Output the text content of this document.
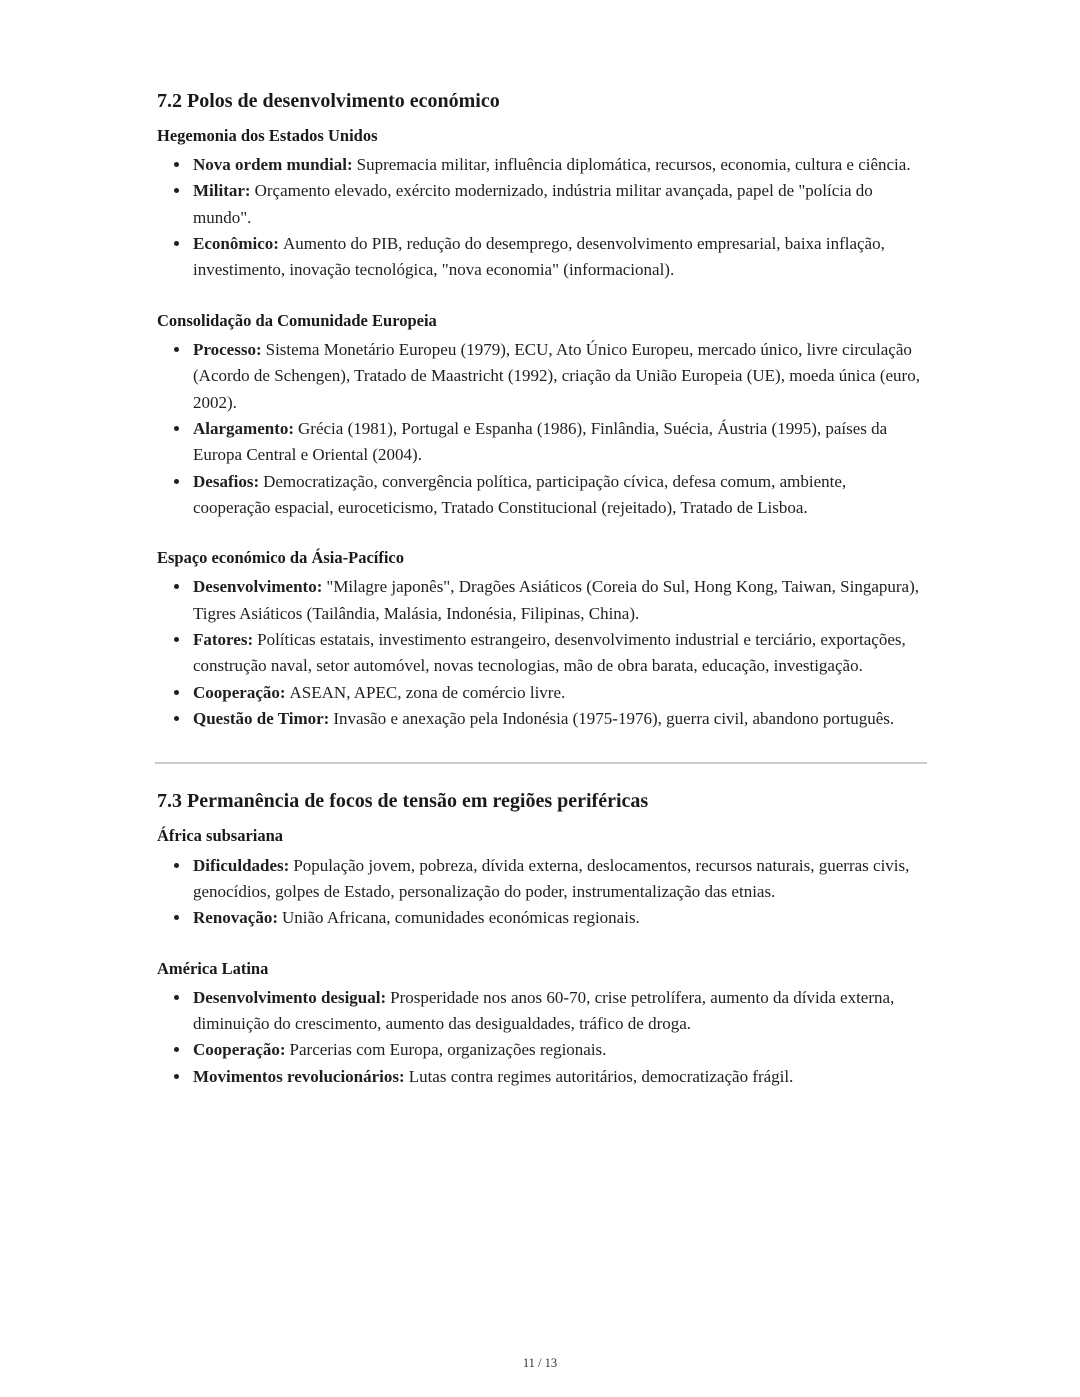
7.2 Polos de desenvolvimento económico
Hegemonia dos Estados Unidos
• Nova ordem mundial: Supremacia militar, influência diplomática, recursos, economia, cultura e ciência.
• Militar: Orçamento elevado, exército modernizado, indústria militar avançada, papel de "polícia do mundo".
• Econômico: Aumento do PIB, redução do desemprego, desenvolvimento empresarial, baixa inflação, investimento, inovação tecnológica, "nova economia" (informacional).
Consolidação da Comunidade Europeia
• Processo: Sistema Monetário Europeu (1979), ECU, Ato Único Europeu, mercado único, livre circulação (Acordo de Schengen), Tratado de Maastricht (1992), criação da União Europeia (UE), moeda única (euro, 2002).
• Alargamento: Grécia (1981), Portugal e Espanha (1986), Finlândia, Suécia, Áustria (1995), países da Europa Central e Oriental (2004).
• Desafios: Democratização, convergência política, participação cívica, defesa comum, ambiente, cooperação espacial, euroceticismo, Tratado Constitucional (rejeitado), Tratado de Lisboa.
Espaço económico da Ásia-Pacífico
• Desenvolvimento: "Milagre japonês", Dragões Asiáticos (Coreia do Sul, Hong Kong, Taiwan, Singapura), Tigres Asiáticos (Tailândia, Malásia, Indonésia, Filipinas, China).
• Fatores: Políticas estatais, investimento estrangeiro, desenvolvimento industrial e terciário, exportações, construção naval, setor automóvel, novas tecnologias, mão de obra barata, educação, investigação.
• Cooperação: ASEAN, APEC, zona de comércio livre.
• Questão de Timor: Invasão e anexação pela Indonésia (1975-1976), guerra civil, abandono português.
7.3 Permanência de focos de tensão em regiões periféricas
África subsariana
• Dificuldades: População jovem, pobreza, dívida externa, deslocamentos, recursos naturais, guerras civis, genocídios, golpes de Estado, personalização do poder, instrumentalização das etnias.
• Renovação: União Africana, comunidades económicas regionais.
América Latina
• Desenvolvimento desigual: Prosperidade nos anos 60-70, crise petrolífera, aumento da dívida externa, diminuição do crescimento, aumento das desigualdades, tráfico de droga.
• Cooperação: Parcerias com Europa, organizações regionais.
• Movimentos revolucionários: Lutas contra regimes autoritários, democratização frágil.
11 / 13
